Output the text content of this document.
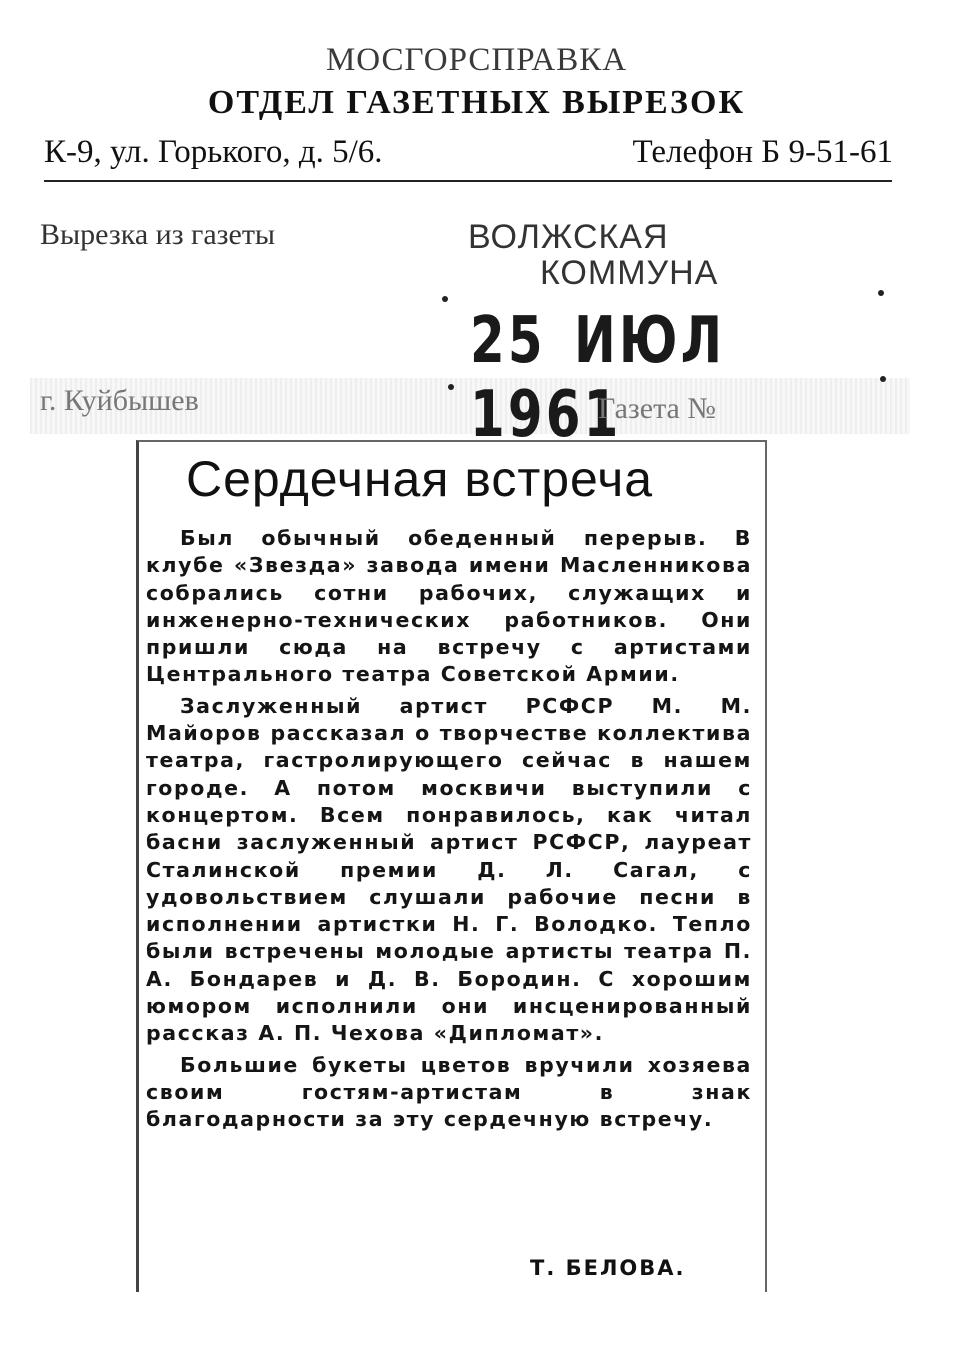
МОСГОРСПРАВКА
ОТДЕЛ ГАЗЕТНЫХ ВЫРЕЗОК
К-9, ул. Горького, д. 5/6.	Телефон Б 9-51-61
Вырезка из газеты	ВОЛЖСКАЯ
КОММУНА
25 ИЮЛ 1961
г. Куйбышев	Газета №
Сердечная встреча

Был обычный обеденный перерыв. В клубе «Звезда» завода имени Масленникова собрались сотни рабочих, служащих и инженерно-технических работников. Они пришли сюда на встречу с артистами Центрального театра Советской Армии.

Заслуженный артист РСФСР М. М. Майоров рассказал о творчестве коллектива театра, гастролирующего сейчас в нашем городе. А потом москвичи выступили с концертом. Всем понравилось, как читал басни заслуженный артист РСФСР, лауреат Сталинской премии Д. Л. Сагал, с удовольствием слушали рабочие песни в исполнении артистки Н. Г. Володко. Тепло были встречены молодые артисты театра П. А. Бондарев и Д. В. Бородин. С хорошим юмором исполнили они инсценированный рассказ А. П. Чехова «Дипломат».

Большие букеты цветов вручили хозяева своим гостям-артистам в знак благодарности за эту сердечную встречу.

Т. БЕЛОВА.
